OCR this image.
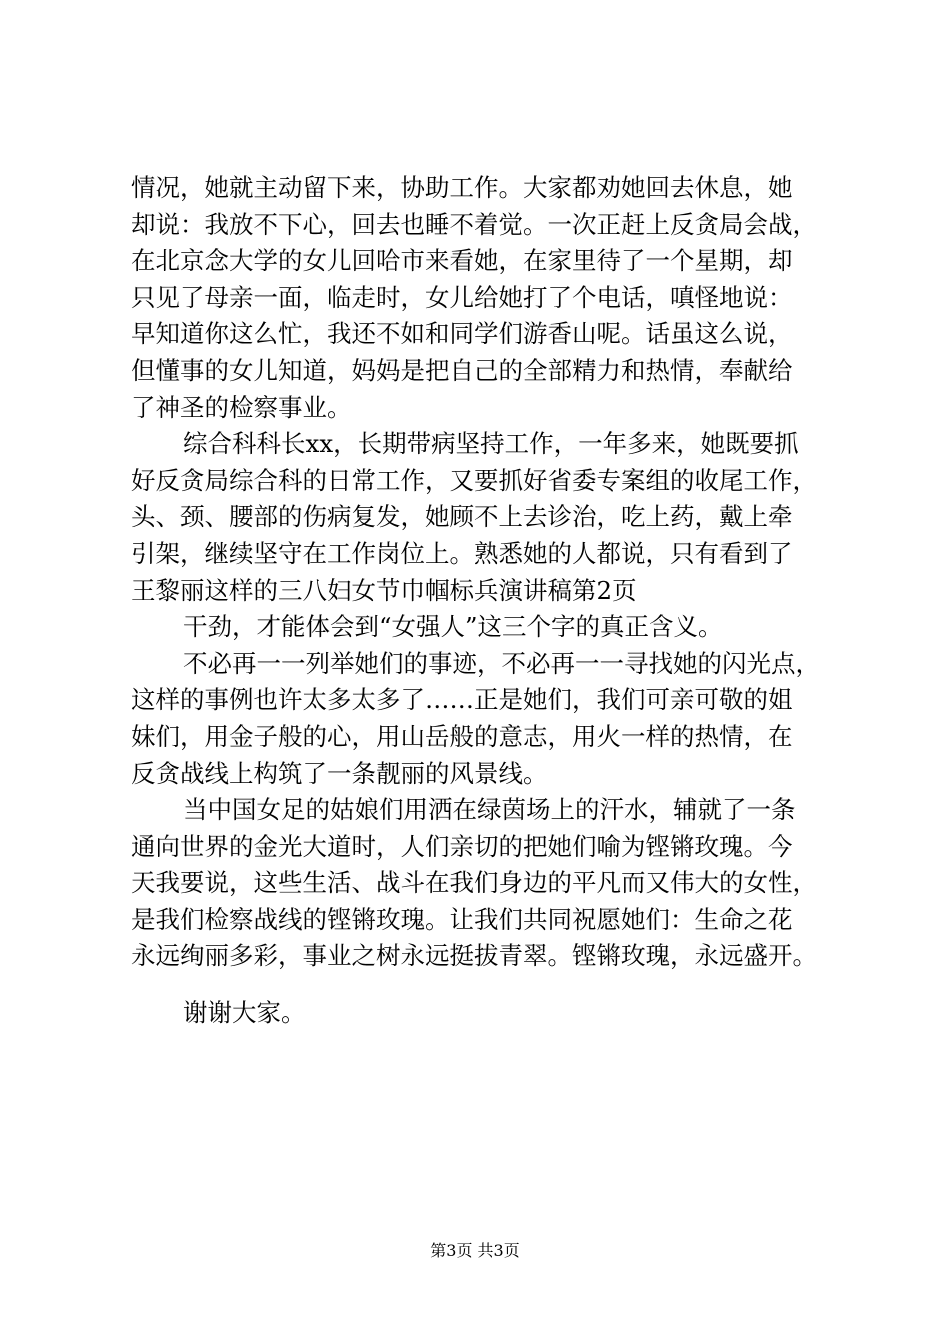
情况，她就主动留下来，协助工作。大家都劝她回去休息，她
却说：我放不下心，回去也睡不着觉。一次正赶上反贪局会战，
在北京念大学的女儿回哈市来看她，在家里待了一个星期，却
只见了母亲一面，临走时，女儿给她打了个电话，嗔怪地说：
早知道你这么忙，我还不如和同学们游香山呢。话虽这么说，
但懂事的女儿知道，妈妈是把自己的全部精力和热情，奉献给
了神圣的检察事业。
综合科科长xx，长期带病坚持工作，一年多来，她既要抓
好反贪局综合科的日常工作，又要抓好省委专案组的收尾工作，
头、颈、腰部的伤病复发，她顾不上去诊治，吃上药，戴上牵
引架，继续坚守在工作岗位上。熟悉她的人都说，只有看到了
王黎丽这样的三八妇女节巾帼标兵演讲稿第2页
干劲，才能体会到“女强人”这三个字的真正含义。
不必再一一列举她们的事迹，不必再一一寻找她的闪光点，
这样的事例也许太多太多了……正是她们，我们可亲可敬的姐
妹们，用金子般的心，用山岳般的意志，用火一样的热情，在
反贪战线上构筑了一条靓丽的风景线。
当中国女足的姑娘们用洒在绿茵场上的汗水，辅就了一条
通向世界的金光大道时，人们亲切的把她们喻为铿锵玫瑰。今
天我要说，这些生活、战斗在我们身边的平凡而又伟大的女性，
是我们检察战线的铿锵玫瑰。让我们共同祝愿她们：生命之花
永远绚丽多彩，事业之树永远挺拔青翠。铿锵玫瑰，永远盛开。
谢谢大家。
第3页 共3页
